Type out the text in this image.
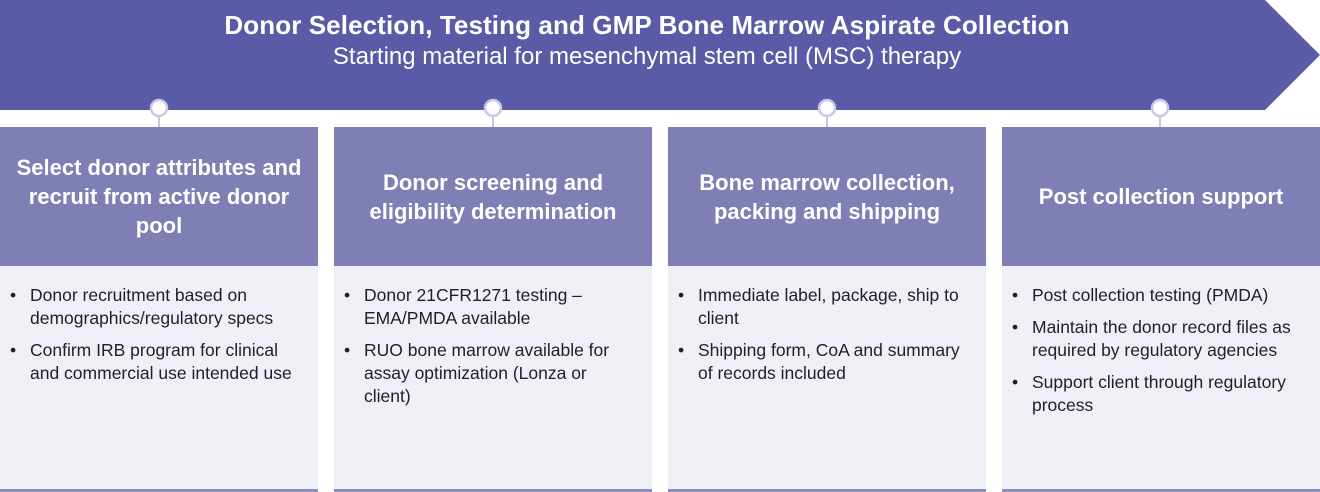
Donor Selection, Testing and GMP Bone Marrow Aspirate Collection
Starting material for mesenchymal stem cell (MSC) therapy
Select donor attributes and recruit from active donor pool
• Donor recruitment based on demographics/regulatory specs
• Confirm IRB program for clinical and commercial use intended use
Donor screening and eligibility determination
• Donor 21CFR1271 testing – EMA/PMDA available
• RUO bone marrow available for assay optimization (Lonza or client)
Bone marrow collection, packing and shipping
• Immediate label, package, ship to client
• Shipping form, CoA and summary of records included
Post collection support
• Post collection testing (PMDA)
• Maintain the donor record files as required by regulatory agencies
• Support client through regulatory process
